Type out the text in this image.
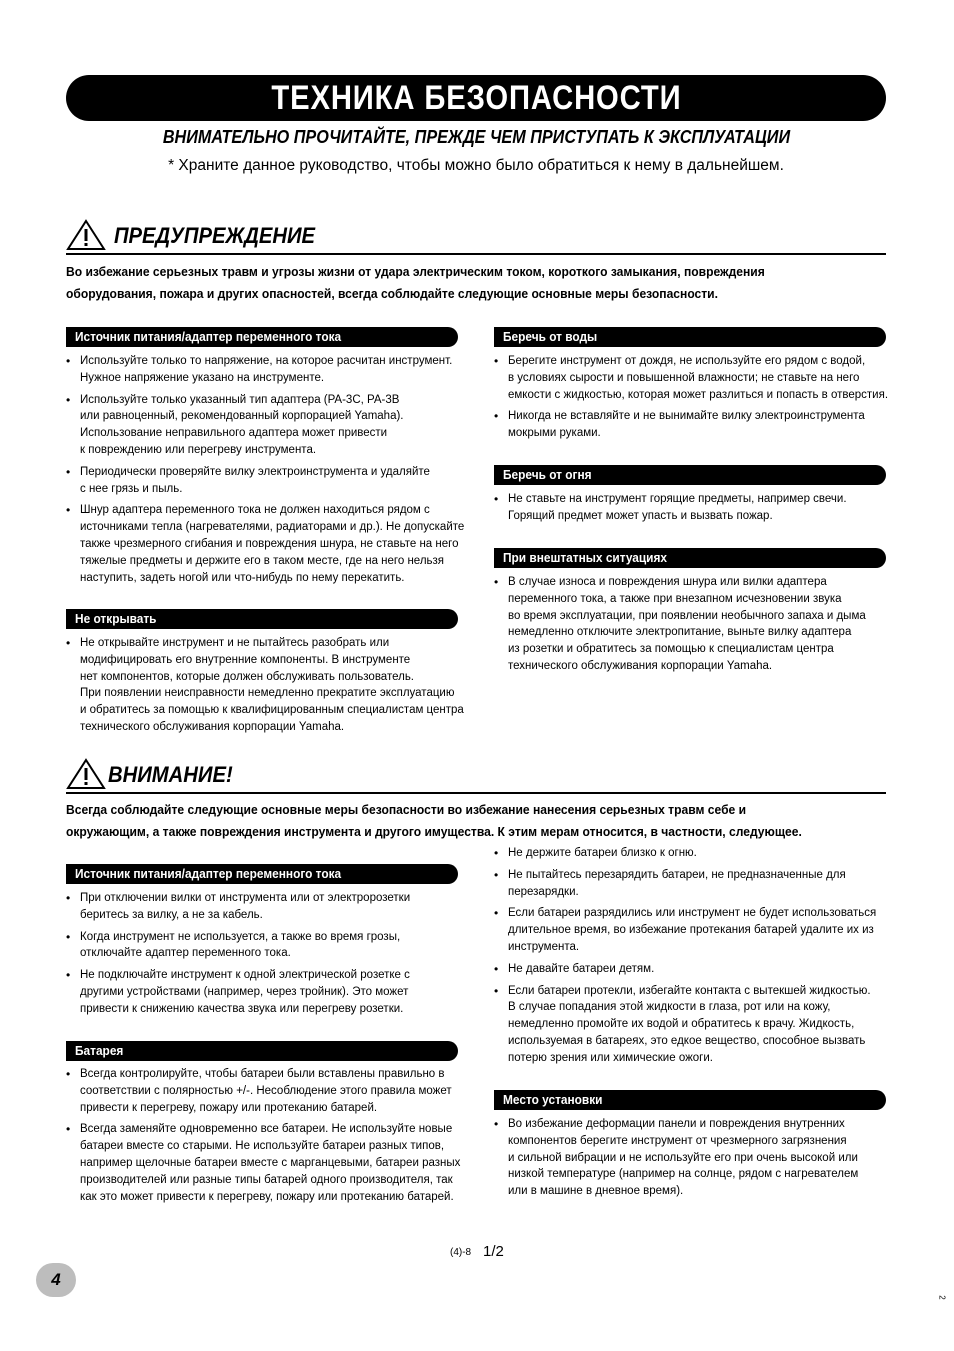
ТЕХНИКА БЕЗОПАСНОСТИ
ВНИМАТЕЛЬНО ПРОЧИТАЙТЕ, ПРЕЖДЕ ЧЕМ ПРИСТУПАТЬ К ЭКСПЛУАТАЦИИ
* Храните данное руководство, чтобы можно было обратиться к нему в дальнейшем.
ПРЕДУПРЕЖДЕНИЕ
Во избежание серьезных травм и угрозы жизни от удара электрическим током, короткого замыкания, повреждения
оборудования, пожара и других опасностей, всегда соблюдайте следующие основные меры безопасности.
Источник питания/адаптер переменного тока
• Используйте только то напряжение, на которое расчитан инструмент.
Нужное напряжение указано на инструменте.
• Используйте только указанный тип адаптера (PA-3C, PA-3B
или равноценный, рекомендованный корпорацией Yamaha).
Использование неправильного адаптера может привести
к повреждению или перегреву инструмента.
• Периодически проверяйте вилку электроинструмента и удаляйте
с нее грязь и пыль.
• Шнур адаптера переменного тока не должен находиться рядом с
источниками тепла (нагревателями, радиаторами и др.). Не допускайте
также чрезмерного сгибания и повреждения шнура, не ставьте на него
тяжелые предметы и держите его в таком месте, где на него нельзя
наступить, задеть ногой или что-нибудь по нему перекатить.
Не открывать
• Не открывайте инструмент и не пытайтесь разобрать или
модифицировать его внутренние компоненты. В инструменте
нет компонентов, которые должен обслуживать пользователь.
При появлении неисправности немедленно прекратите эксплуатацию
и обратитесь за помощью к квалифицированным специалистам центра
технического обслуживания корпорации Yamaha.
Беречь от воды
• Берегите инструмент от дождя, не используйте его рядом с водой,
в условиях сырости и повышенной влажности; не ставьте на него
емкости с жидкостью, которая может разлиться и попасть в отверстия.
• Никогда не вставляйте и не вынимайте вилку электроинструмента
мокрыми руками.
Беречь от огня
• Не ставьте на инструмент горящие предметы, например свечи.
Горящий предмет может упасть и вызвать пожар.
При внештатных ситуациях
• В случае износа и повреждения шнура или вилки адаптера
переменного тока, а также при внезапном исчезновении звука
во время эксплуатации, при появлении необычного запаха и дыма
немедленно отключите электропитание, выньте вилку адаптера
из розетки и обратитесь за помощью к специалистам центра
технического обслуживания корпорации Yamaha.
ВНИМАНИЕ!
Всегда соблюдайте следующие основные меры безопасности во избежание нанесения серьезных травм себе и
окружающим, а также повреждения инструмента и другого имущества. К этим мерам относится, в частности, следующее.
Источник питания/адаптер переменного тока
• При отключении вилки от инструмента или от электророзетки
беритесь за вилку, а не за кабель.
• Когда инструмент не используется, а также во время грозы,
отключайте адаптер переменного тока.
• Не подключайте инструмент к одной электрической розетке с
другими устройствами (например, через тройник). Это может
привести к снижению качества звука или перегреву розетки.
Батарея
• Всегда контролируйте, чтобы батареи были вставлены правильно в
соответствии с полярностью +/-. Несоблюдение этого правила может
привести к перегреву, пожару или протеканию батарей.
• Всегда заменяйте одновременно все батареи. Не используйте новые
батареи вместе со старыми. Не используйте батареи разных типов,
например щелочные батареи вместе с марганцевыми, батареи разных
производителей или разные типы батарей одного производителя, так
как это может привести к перегреву, пожару или протеканию батарей.
• Не держите батареи близко к огню.
• Не пытайтесь перезарядить батареи, не предназначенные для
перезарядки.
• Если батареи разрядились или инструмент не будет использоваться
длительное время, во избежание протекания батарей удалите их из
инструмента.
• Не давайте батареи детям.
• Если батареи протекли, избегайте контакта с вытекшей жидкостью.
В случае попадания этой жидкости в глаза, рот или на кожу,
немедленно промойте их водой и обратитесь к врачу. Жидкость,
используемая в батареях, это едкое вещество, способное вызвать
потерю зрения или химические ожоги.
Место установки
• Во избежание деформации панели и повреждения внутренних
компонентов берегите инструмент от чрезмерного загрязнения
и сильной вибрации и не используйте его при очень высокой или
низкой температуре (например на солнце, рядом с нагревателем
или в машине в дневное время).
(4)-8 1/2
4
2
